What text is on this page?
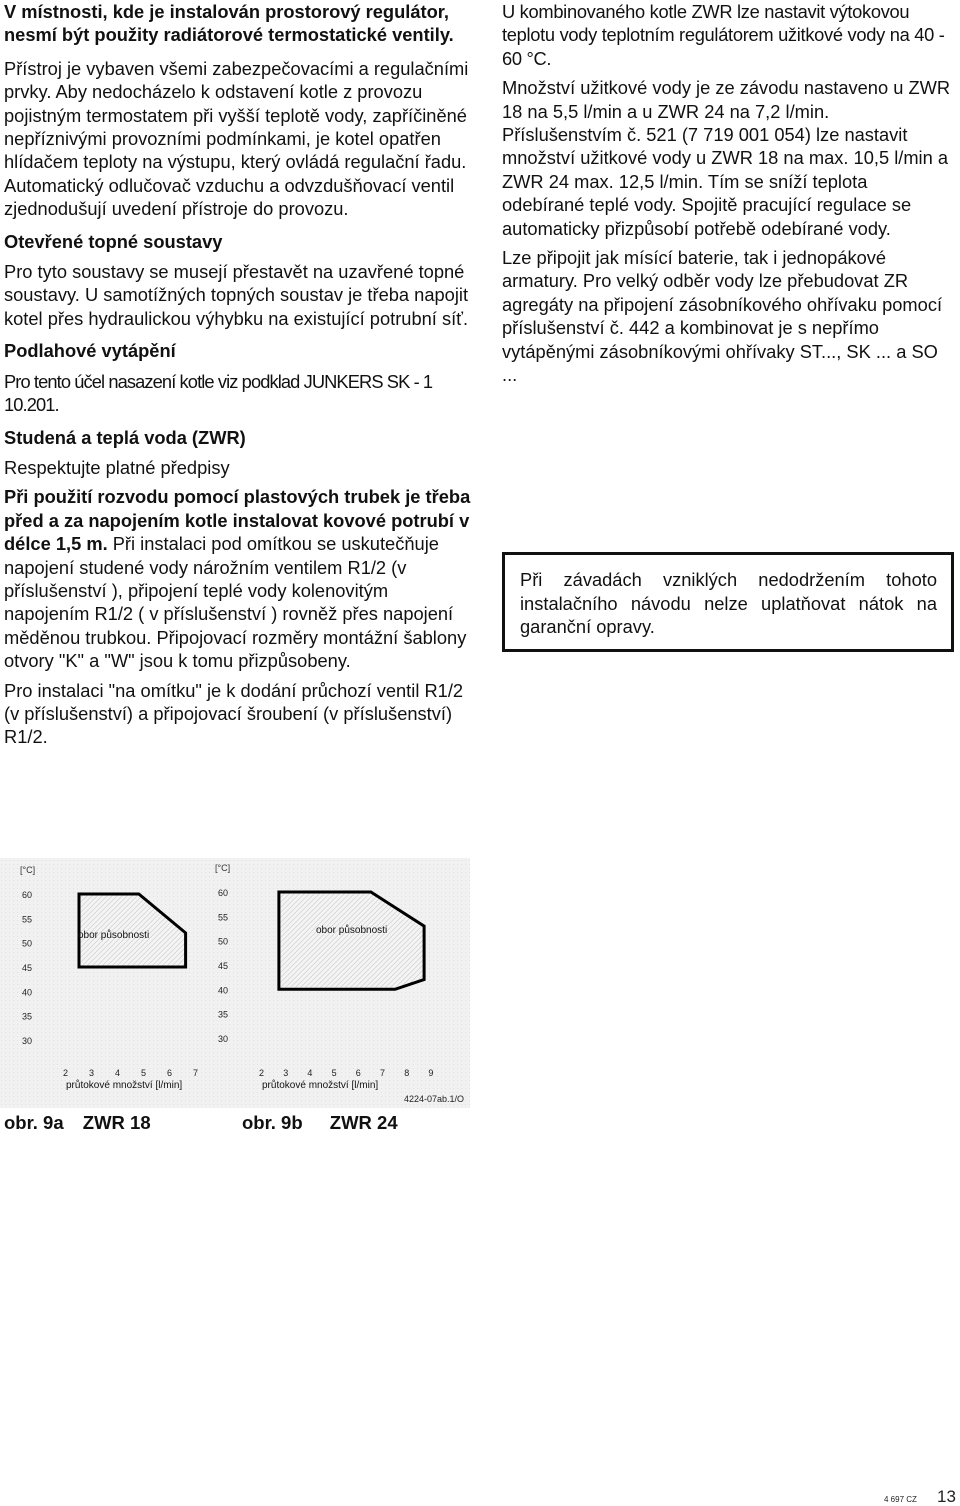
V místnosti, kde je instalován prostorový regulátor, nesmí být použity radiátorové termostatické ventily.

Přístroj je vybaven všemi zabezpečovacími a regulačními prvky. Aby nedocházelo k odstavení kotle z provozu pojistným termostatem při vyšší teplotě vody, zapříčiněné nepříznivými provozními podmínkami, je kotel opatřen hlídačem teploty na výstupu, který ovládá regulační řadu. Automatický odlučovač vzduchu a odvzdušňovací ventil zjednodušují uvedení přístroje do provozu.

Otevřené topné soustavy

Pro tyto soustavy se musejí přestavět na uzavřené topné soustavy. U samotížných topných soustav je třeba napojit kotel přes hydraulickou výhybku na existující potrubní síť.

Podlahové vytápění

Pro tento účel nasazení kotle viz podklad JUNKERS SK - 1 10.201.

Studená a teplá voda (ZWR)

Respektujte platné předpisy

Při použití rozvodu pomocí plastových trubek je třeba před a za napojením kotle instalovat kovové potrubí v délce 1,5 m. Při instalaci pod omítkou se uskutečňuje napojení studené vody nárožním ventilem R1/2 (v příslušenství ), připojení teplé vody kolenovitým napojením R1/2 ( v příslušenství ) rovněž přes napojení měděnou trubkou. Připojovací rozměry montážní šablony otvory "K" a "W" jsou k tomu přizpůsobeny.

Pro instalaci "na omítku" je k dodání průchozí ventil R1/2 (v příslušenství) a připojovací šroubení (v příslušenství) R1/2.

U kombinovaného kotle ZWR lze nastavit výtokovou teplotu vody teplotním regulátorem užitkové vody na 40 - 60 °C.

Množství užitkové vody je ze závodu nastaveno u ZWR 18 na 5,5 l/min a u ZWR 24 na 7,2 l/min. Příslušenstvím č. 521 (7 719 001 054) lze nastavit množství užitkové vody u ZWR 18 na max. 10,5 l/min a ZWR 24 max. 12,5 l/min. Tím se sníží teplota odebírané teplé vody. Spojitě pracující regulace se automaticky přizpůsobí potřebě odebírané vody.

Lze připojit jak mísící baterie, tak i jednopákové armatury. Pro velký odběr vody lze přebudovat ZR agregáty na připojení zásobníkového ohřívaku pomocí příslušenství č. 442 a kombinovat je s nepřímo vytápěnými zásobníkovými ohřívaky ST..., SK ... a SO ...

Při závadách vzniklých nedodržením tohoto instalačního návodu nelze uplatňovat nátok na garanční opravy.

[°C]
30
35
40
45
50
55
60
2 3 4 5 6 7
obor působnosti
průtokové množství [l/min]
[°C]
30
35
40
45
50
55
60
2 3 4 5 6 7 8 9
obor působnosti
průtokové množství [l/min]
4224-07ab.1/O
obr. 9a ZWR 18	obr. 9b ZWR 24
4 697 CZ 13
